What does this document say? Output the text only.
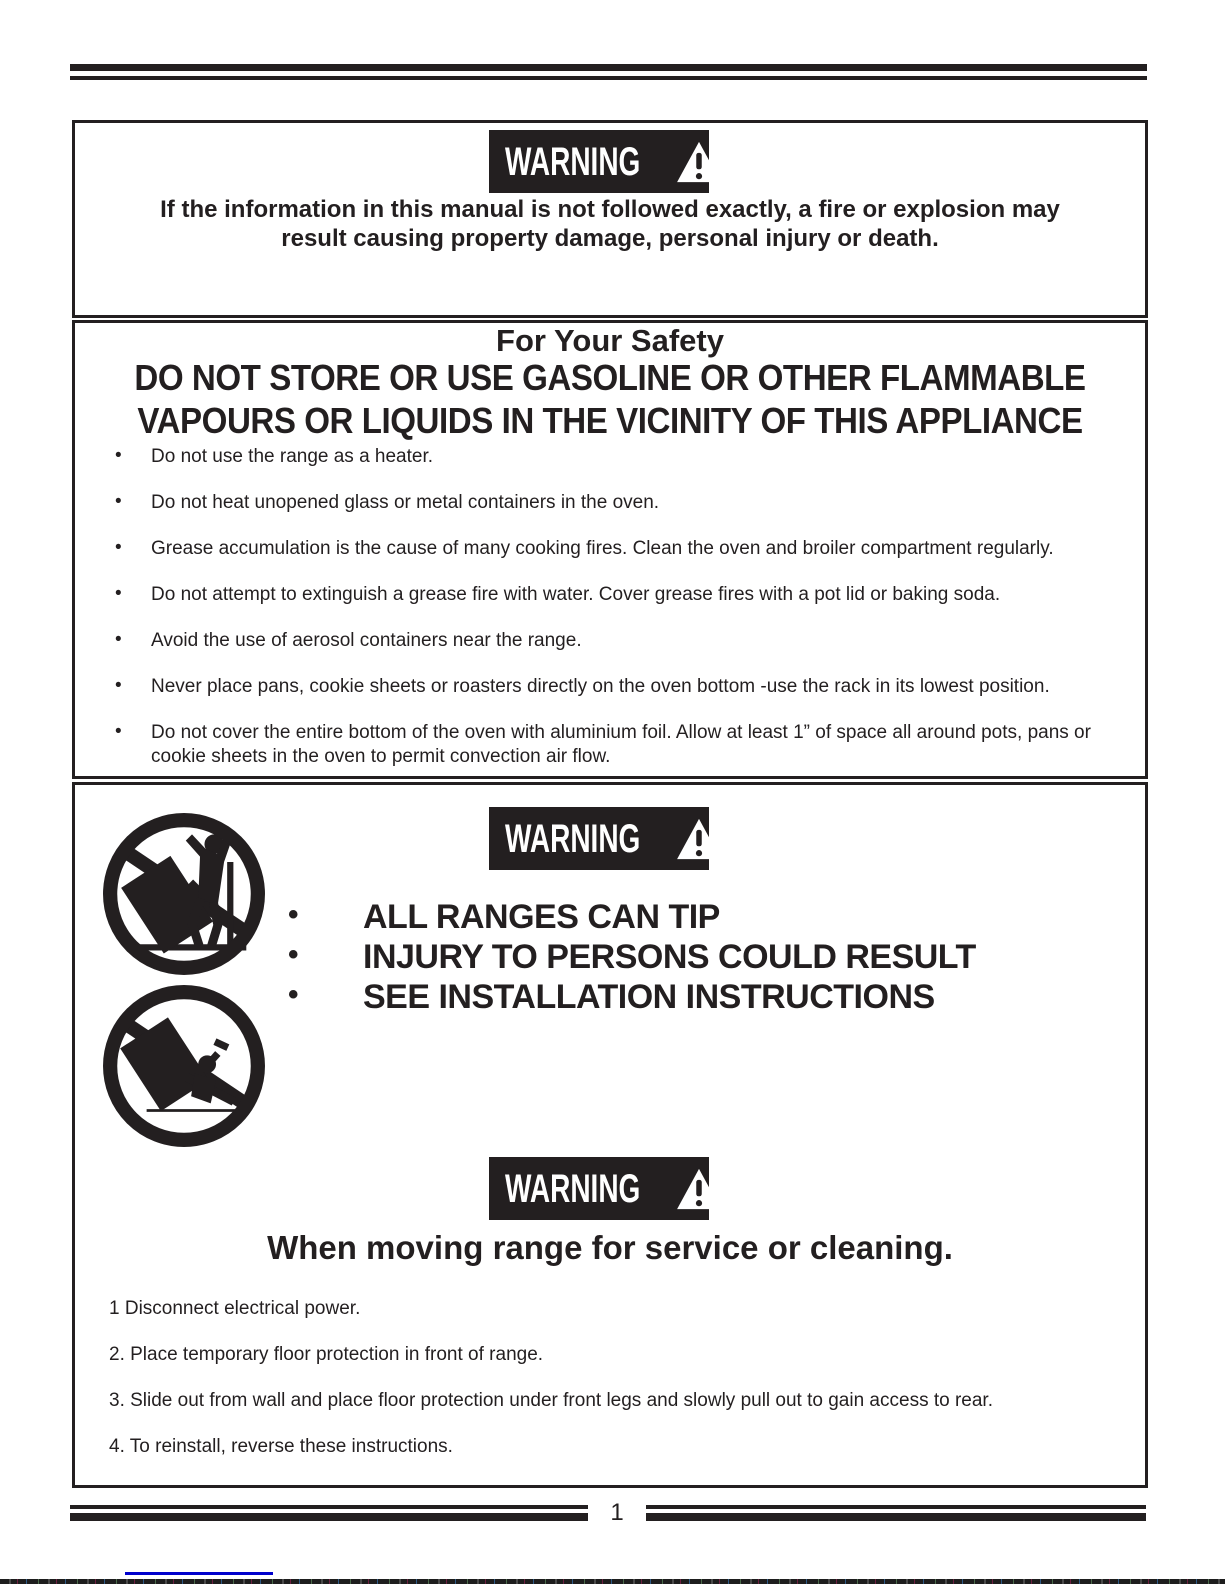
WARNING
If the information in this manual is not followed exactly, a fire or explosion may
result causing property damage, personal injury or death.
For Your Safety
DO NOT STORE OR USE GASOLINE OR OTHER FLAMMABLE
VAPOURS OR LIQUIDS IN THE VICINITY OF THIS APPLIANCE
• Do not use the range as a heater.
• Do not heat unopened glass or metal containers in the oven.
• Grease accumulation is the cause of many cooking fires. Clean the oven and broiler compartment regularly.
• Do not attempt to extinguish a grease fire with water. Cover grease fires with a pot lid or baking soda.
• Avoid the use of aerosol containers near the range.
• Never place pans, cookie sheets or roasters directly on the oven bottom -use the rack in its lowest position.
• Do not cover the entire bottom of the oven with aluminium foil. Allow at least 1” of space all around pots, pans or cookie sheets in the oven to permit convection air flow.
WARNING
• ALL RANGES CAN TIP
• INJURY TO PERSONS COULD RESULT
• SEE INSTALLATION INSTRUCTIONS
WARNING
When moving range for service or cleaning.
1 Disconnect electrical power.
2. Place temporary floor protection in front of range.
3. Slide out from wall and place floor protection under front legs and slowly pull out to gain access to rear.
4. To reinstall, reverse these instructions.
1
